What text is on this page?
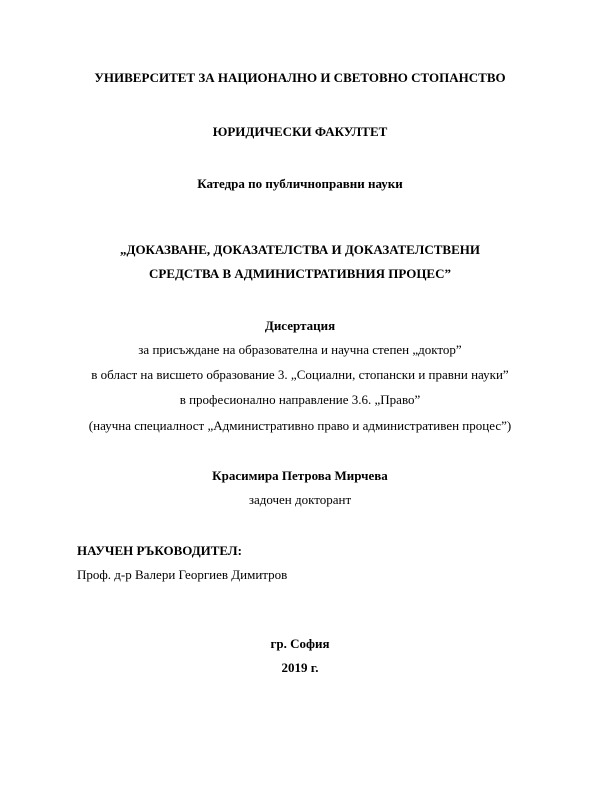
УНИВЕРСИТЕТ ЗА НАЦИОНАЛНО И СВЕТОВНО СТОПАНСТВО
ЮРИДИЧЕСКИ ФАКУЛТЕТ
Катедра по публичноправни науки
„ДОКАЗВАНЕ, ДОКАЗАТЕЛСТВА И ДОКАЗАТЕЛСТВЕНИ
СРЕДСТВА В АДМИНИСТРАТИВНИЯ ПРОЦЕС”
Дисертация
за присъждане на образователна и научна степен „доктор”
в област на висшето образование 3. „Социални, стопански и правни науки”
в професионално направление 3.6. „Право”
(научна специалност „Административно право и административен процес”)
Красимира Петрова Мирчева
задочен докторант
НАУЧЕН РЪКОВОДИТЕЛ:
Проф. д-р Валери Георгиев Димитров
гр. София
2019 г.
